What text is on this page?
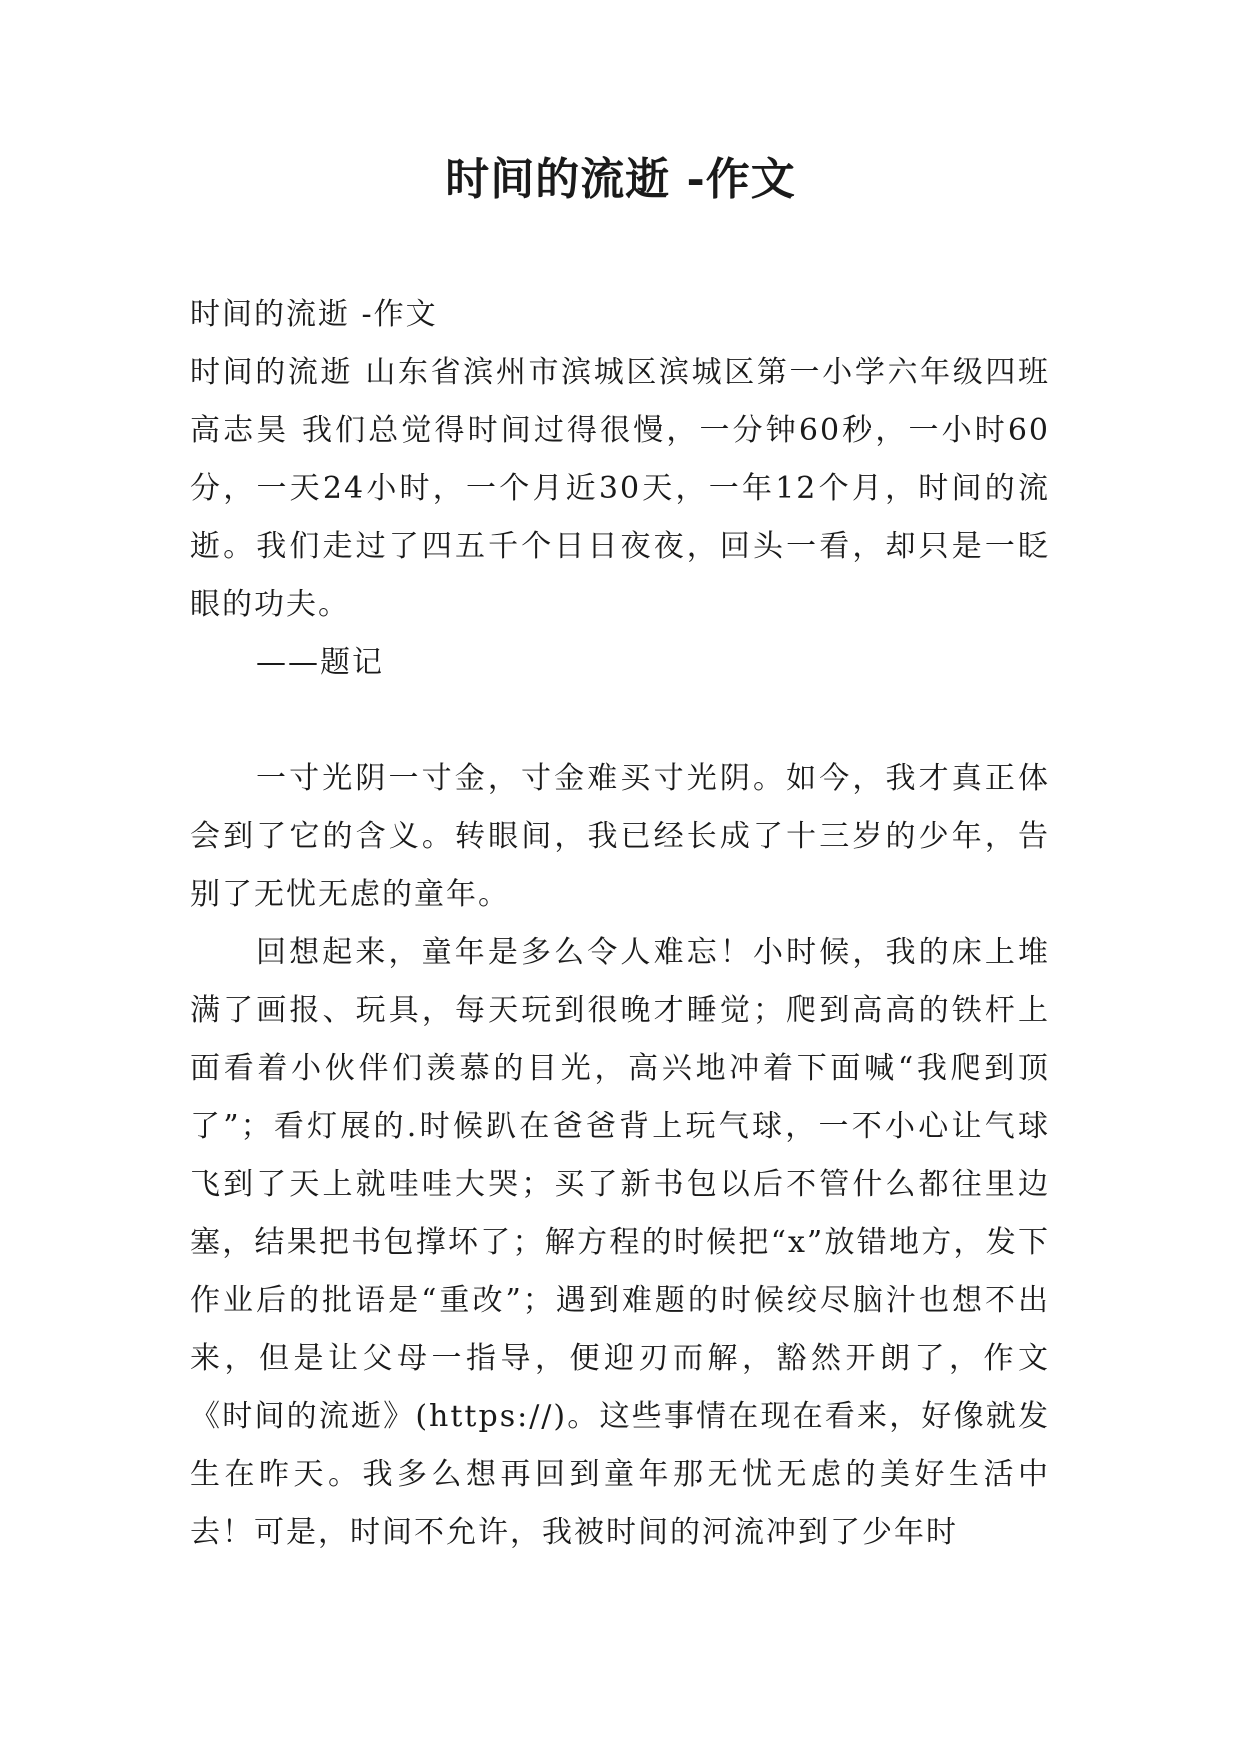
时间的流逝 -作文

时间的流逝 -作文

时间的流逝 山东省滨州市滨城区滨城区第一小学六年级四班高志昊 我们总觉得时间过得很慢，一分钟60秒，一小时60分，一天24小时，一个月近30天，一年12个月，时间的流逝。我们走过了四五千个日日夜夜，回头一看，却只是一眨眼的功夫。

——题记

一寸光阴一寸金，寸金难买寸光阴。如今，我才真正体会到了它的含义。转眼间，我已经长成了十三岁的少年，告别了无忧无虑的童年。

回想起来，童年是多么令人难忘！小时候，我的床上堆满了画报、玩具，每天玩到很晚才睡觉；爬到高高的铁杆上面看着小伙伴们羡慕的目光，高兴地冲着下面喊“我爬到顶了”；看灯展的.时候趴在爸爸背上玩气球，一不小心让气球飞到了天上就哇哇大哭；买了新书包以后不管什么都往里边塞，结果把书包撑坏了；解方程的时候把“x”放错地方，发下作业后的批语是“重改”；遇到难题的时候绞尽脑汁也想不出来，但是让父母一指导，便迎刃而解，豁然开朗了，作文《时间的流逝》(https://)。这些事情在现在看来，好像就发生在昨天。我多么想再回到童年那无忧无虑的美好生活中去！可是，时间不允许，我被时间的河流冲到了少年时
